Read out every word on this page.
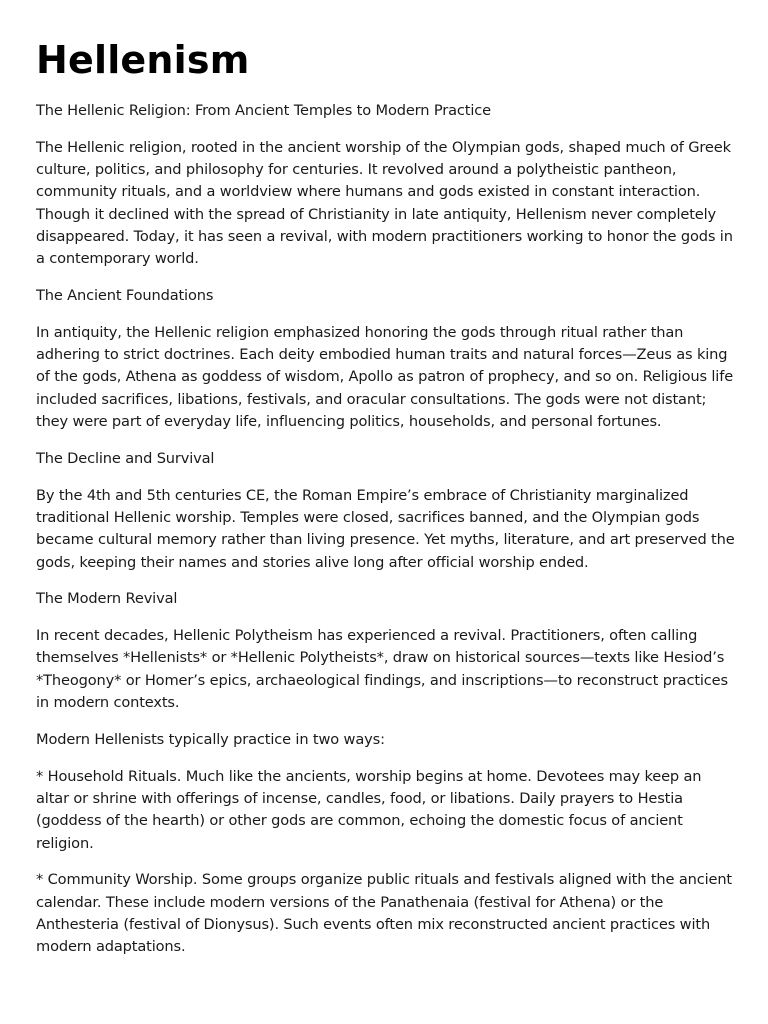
Hellenism

The Hellenic Religion: From Ancient Temples to Modern Practice

The Hellenic religion, rooted in the ancient worship of the Olympian gods, shaped much of Greek culture, politics, and philosophy for centuries. It revolved around a polytheistic pantheon, community rituals, and a worldview where humans and gods existed in constant interaction. Though it declined with the spread of Christianity in late antiquity, Hellenism never completely disappeared. Today, it has seen a revival, with modern practitioners working to honor the gods in a contemporary world.

The Ancient Foundations

In antiquity, the Hellenic religion emphasized honoring the gods through ritual rather than adhering to strict doctrines. Each deity embodied human traits and natural forces—Zeus as king of the gods, Athena as goddess of wisdom, Apollo as patron of prophecy, and so on. Religious life included sacrifices, libations, festivals, and oracular consultations. The gods were not distant; they were part of everyday life, influencing politics, households, and personal fortunes.

The Decline and Survival

By the 4th and 5th centuries CE, the Roman Empire’s embrace of Christianity marginalized traditional Hellenic worship. Temples were closed, sacrifices banned, and the Olympian gods became cultural memory rather than living presence. Yet myths, literature, and art preserved the gods, keeping their names and stories alive long after official worship ended.

The Modern Revival

In recent decades, Hellenic Polytheism has experienced a revival. Practitioners, often calling themselves *Hellenists* or *Hellenic Polytheists*, draw on historical sources—texts like Hesiod’s *Theogony* or Homer’s epics, archaeological findings, and inscriptions—to reconstruct practices in modern contexts.

Modern Hellenists typically practice in two ways:

* Household Rituals. Much like the ancients, worship begins at home. Devotees may keep an altar or shrine with offerings of incense, candles, food, or libations. Daily prayers to Hestia (goddess of the hearth) or other gods are common, echoing the domestic focus of ancient religion.

* Community Worship. Some groups organize public rituals and festivals aligned with the ancient calendar. These include modern versions of the Panathenaia (festival for Athena) or the Anthesteria (festival of Dionysus). Such events often mix reconstructed ancient practices with modern adaptations.
